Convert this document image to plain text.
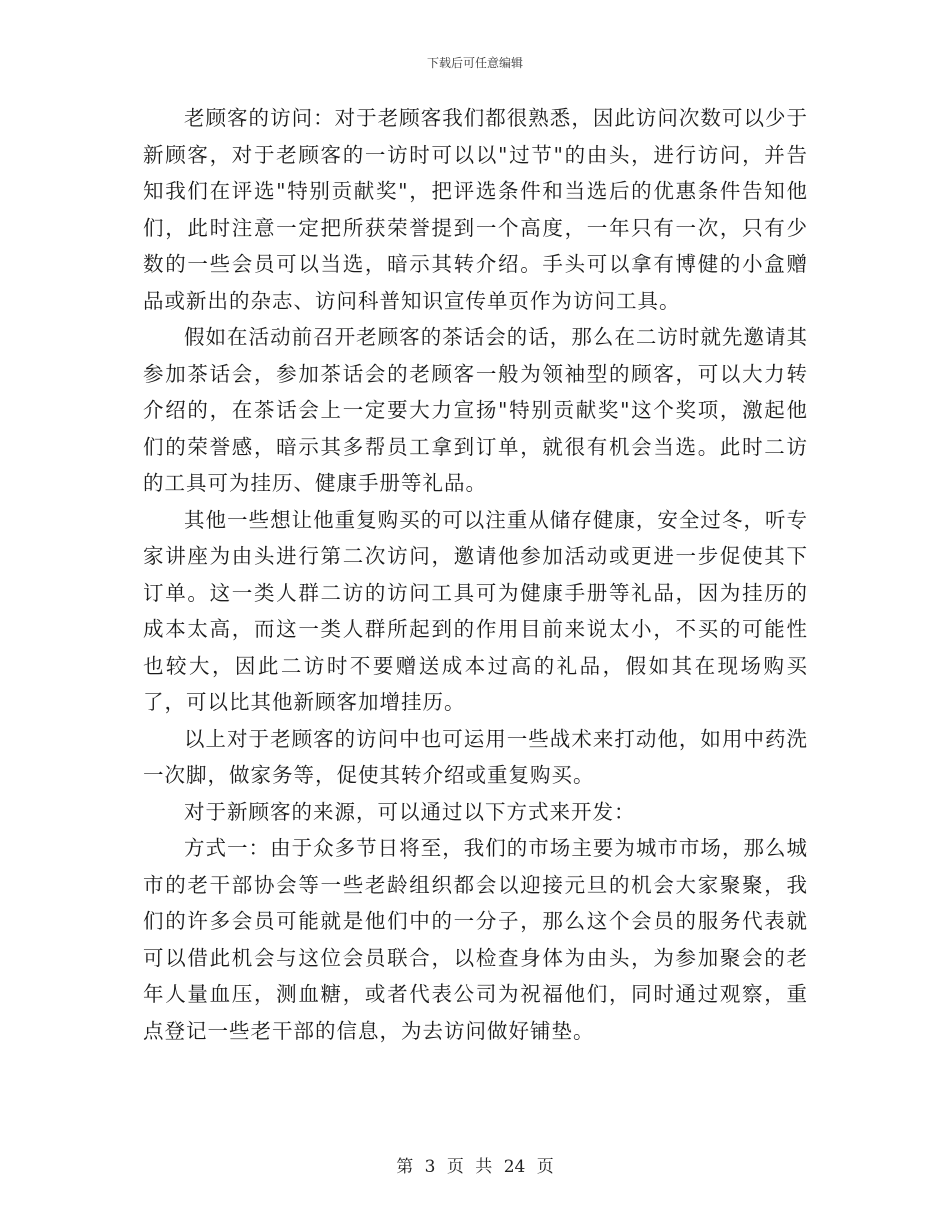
下载后可任意编辑

老顾客的访问：对于老顾客我们都很熟悉，因此访问次数可以少于新顾客，对于老顾客的一访时可以以"过节"的由头，进行访问，并告知我们在评选"特别贡献奖"，把评选条件和当选后的优惠条件告知他们，此时注意一定把所获荣誉提到一个高度，一年只有一次，只有少数的一些会员可以当选，暗示其转介绍。手头可以拿有博健的小盒赠品或新出的杂志、访问科普知识宣传单页作为访问工具。

假如在活动前召开老顾客的茶话会的话，那么在二访时就先邀请其参加茶话会，参加茶话会的老顾客一般为领袖型的顾客，可以大力转介绍的，在茶话会上一定要大力宣扬"特别贡献奖"这个奖项，激起他们的荣誉感，暗示其多帮员工拿到订单，就很有机会当选。此时二访的工具可为挂历、健康手册等礼品。

其他一些想让他重复购买的可以注重从储存健康，安全过冬，听专家讲座为由头进行第二次访问，邀请他参加活动或更进一步促使其下订单。这一类人群二访的访问工具可为健康手册等礼品，因为挂历的成本太高，而这一类人群所起到的作用目前来说太小，不买的可能性也较大，因此二访时不要赠送成本过高的礼品，假如其在现场购买了，可以比其他新顾客加增挂历。

以上对于老顾客的访问中也可运用一些战术来打动他，如用中药洗一次脚，做家务等，促使其转介绍或重复购买。

对于新顾客的来源，可以通过以下方式来开发：

方式一：由于众多节日将至，我们的市场主要为城市市场，那么城市的老干部协会等一些老龄组织都会以迎接元旦的机会大家聚聚，我们的许多会员可能就是他们中的一分子，那么这个会员的服务代表就可以借此机会与这位会员联合，以检查身体为由头，为参加聚会的老年人量血压，测血糖，或者代表公司为祝福他们，同时通过观察，重点登记一些老干部的信息，为去访问做好铺垫。

第 3 页 共 24 页
